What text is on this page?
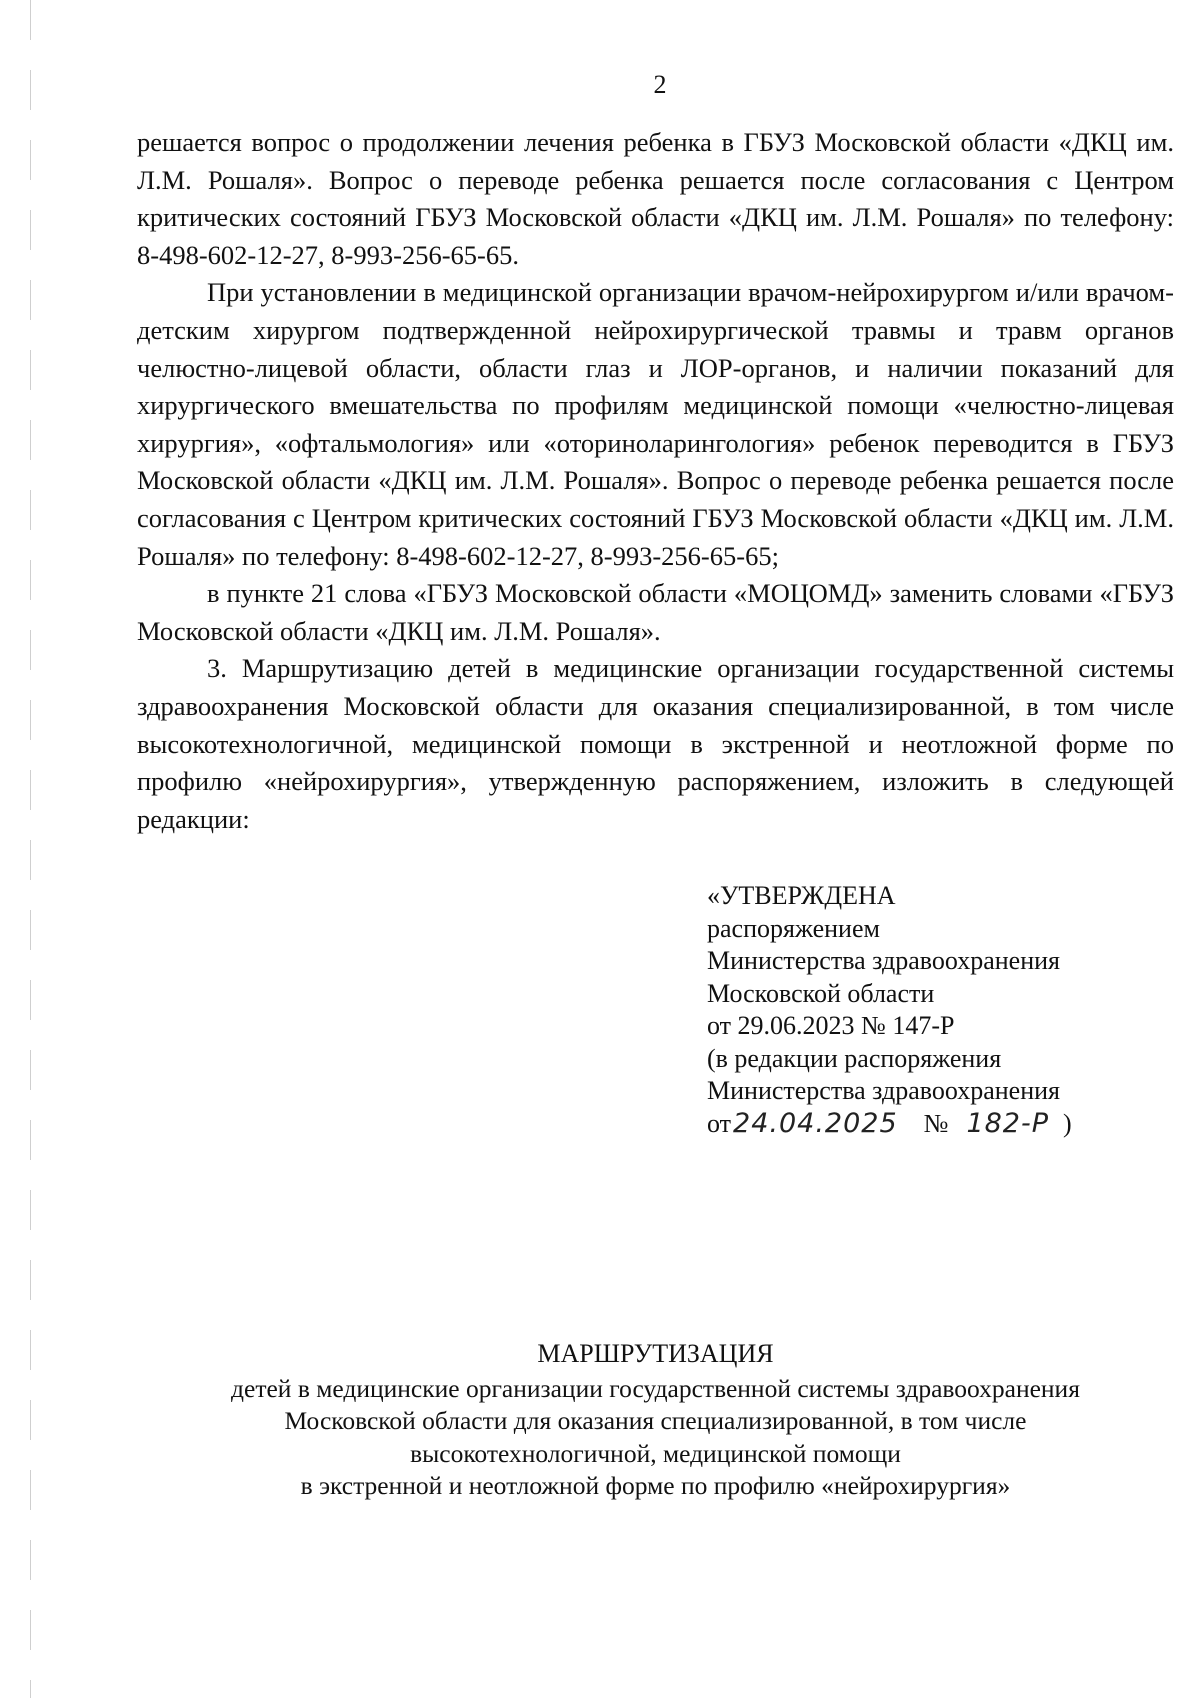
2

решается вопрос о продолжении лечения ребенка в ГБУЗ Московской области «ДКЦ им. Л.М. Рошаля». Вопрос о переводе ребенка решается после согласования с Центром критических состояний ГБУЗ Московской области «ДКЦ им. Л.М. Рошаля» по телефону: 8-498-602-12-27, 8-993-256-65-65.

При установлении в медицинской организации врачом-нейрохирургом и/или врачом-детским хирургом подтвержденной нейрохирургической травмы и травм органов челюстно-лицевой области, области глаз и ЛОР-органов, и наличии показаний для хирургического вмешательства по профилям медицинской помощи «челюстно-лицевая хирургия», «офтальмология» или «оториноларингология» ребенок переводится в ГБУЗ Московской области «ДКЦ им. Л.М. Рошаля». Вопрос о переводе ребенка решается после согласования с Центром критических состояний ГБУЗ Московской области «ДКЦ им. Л.М. Рошаля» по телефону: 8-498-602-12-27, 8-993-256-65-65;

в пункте 21 слова «ГБУЗ Московской области «МОЦОМД» заменить словами «ГБУЗ Московской области «ДКЦ им. Л.М. Рошаля».

3. Маршрутизацию детей в медицинские организации государственной системы здравоохранения Московской области для оказания специализированной, в том числе высокотехнологичной, медицинской помощи в экстренной и неотложной форме по профилю «нейрохирургия», утвержденную распоряжением, изложить в следующей редакции:

«УТВЕРЖДЕНА
распоряжением
Министерства здравоохранения
Московской области
от 29.06.2023 № 147-Р
(в редакции распоряжения
Министерства здравоохранения
от 24.04.2025 № 182-Р )
МАРШРУТИЗАЦИЯ
детей в медицинские организации государственной системы здравоохранения
Московской области для оказания специализированной, в том числе
высокотехнологичной, медицинской помощи
в экстренной и неотложной форме по профилю «нейрохирургия»
